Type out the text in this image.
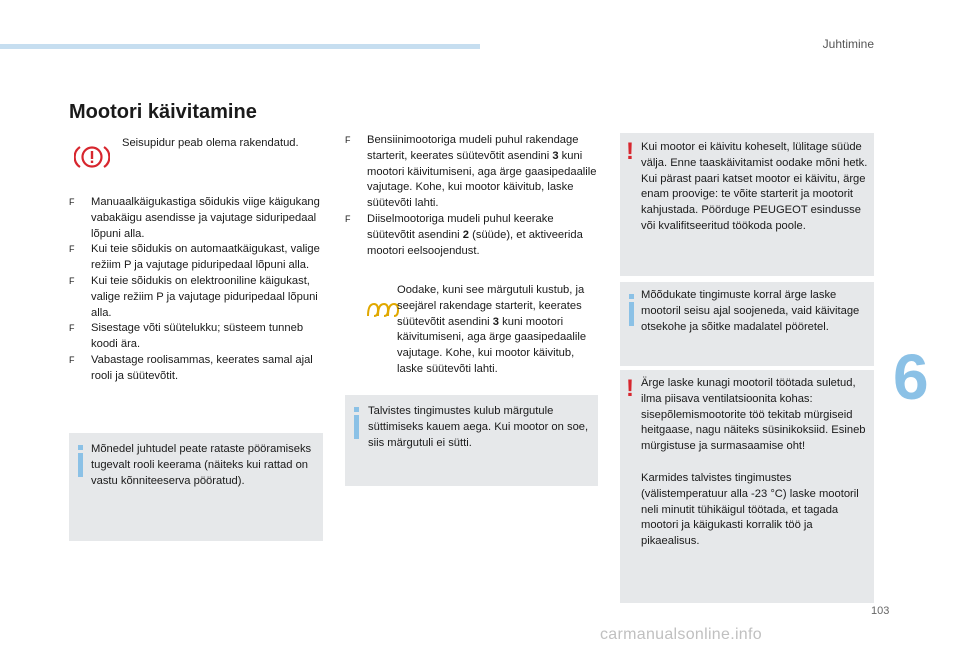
Juhtimine
Mootori käivitamine

Seisupidur peab olema rakendatud.

F Manuaalkäigukastiga sõidukis viige käigukang vabakäigu asendisse ja vajutage siduripedaal lõpuni alla.
F Kui teie sõidukis on automaatkäigukast, valige režiim P ja vajutage piduripedaal lõpuni alla.
F Kui teie sõidukis on elektrooniline käigukast, valige režiim P ja vajutage piduripedaal lõpuni alla.
F Sisestage võti süütelukku; süsteem tunneb koodi ära.
F Vabastage roolisammas, keerates samal ajal rooli ja süütevõtit.

Mõnedel juhtudel peate rataste pööramiseks tugevalt rooli keerama (näiteks kui rattad on vastu kõnniteeserva pööratud).

F Bensiinimootoriga mudeli puhul rakendage starterit, keerates süütevõtit asendini 3 kuni mootori käivitumiseni, aga ärge gaasipedaalile vajutage. Kohe, kui mootor käivitub, laske süütevõti lahti.
F Diiselmootoriga mudeli puhul keerake süütevõtit asendini 2 (süüde), et aktiveerida mootori eelsoojendust.

Oodake, kuni see märgutuli kustub, ja seejärel rakendage starterit, keerates süütevõtit asendini 3 kuni mootori käivitumiseni, aga ärge gaasipedaalile vajutage. Kohe, kui mootor käivitub, laske süütevõti lahti.

Talvistes tingimustes kulub märgutule süttimiseks kauem aega. Kui mootor on soe, siis märgutuli ei sütti.

! Kui mootor ei käivitu koheselt, lülitage süüde välja. Enne taaskäivitamist oodake mõni hetk. Kui pärast paari katset mootor ei käivitu, ärge enam proovige: te võite starterit ja mootorit kahjustada. Pöörduge PEUGEOT esindusse või kvalifitseeritud töökoda poole.

Mõõdukate tingimuste korral ärge laske mootoril seisu ajal soojeneda, vaid käivitage otsekohe ja sõitke madalatel pööretel.

! Ärge laske kunagi mootoril töötada suletud, ilma piisava ventilatsioonita kohas: sisepõlemismootorite töö tekitab mürgiseid heitgaase, nagu näiteks süsinikoksiid. Esineb mürgistuse ja surmasaamise oht!

Karmides talvistes tingimustes (välistemperatuur alla -23 °C) laske mootoril neli minutit tühikäigul töötada, et tagada mootori ja käigukasti korralik töö ja pikaealisus.

6
103
carmanualsonline.info
